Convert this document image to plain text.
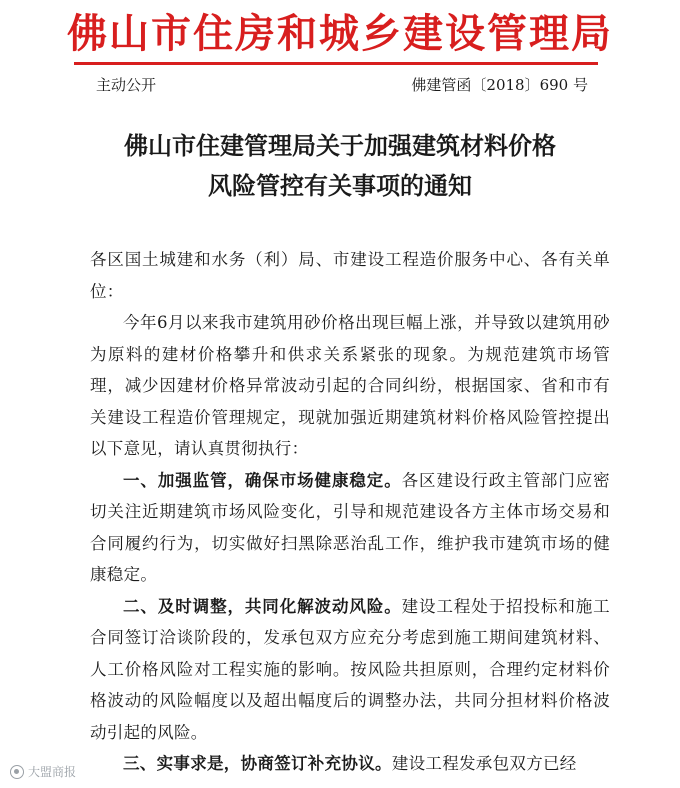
佛山市住房和城乡建设管理局
主动公开	佛建管函〔2018〕690 号
佛山市住建管理局关于加强建筑材料价格
风险管控有关事项的通知

各区国土城建和水务（利）局、市建设工程造价服务中心、各有关单位：

今年6月以来我市建筑用砂价格出现巨幅上涨，并导致以建筑用砂为原料的建材价格攀升和供求关系紧张的现象。为规范建筑市场管理，减少因建材价格异常波动引起的合同纠纷，根据国家、省和市有关建设工程造价管理规定，现就加强近期建筑材料价格风险管控提出以下意见，请认真贯彻执行：

一、加强监管，确保市场健康稳定。各区建设行政主管部门应密切关注近期建筑市场风险变化，引导和规范建设各方主体市场交易和合同履约行为，切实做好扫黑除恶治乱工作，维护我市建筑市场的健康稳定。

二、及时调整，共同化解波动风险。建设工程处于招投标和施工合同签订洽谈阶段的，发承包双方应充分考虑到施工期间建筑材料、人工价格风险对工程实施的影响。按风险共担原则，合理约定材料价格波动的风险幅度以及超出幅度后的调整办法，共同分担材料价格波动引起的风险。

三、实事求是，协商签订补充协议。建设工程发承包双方已经

大盟商报
